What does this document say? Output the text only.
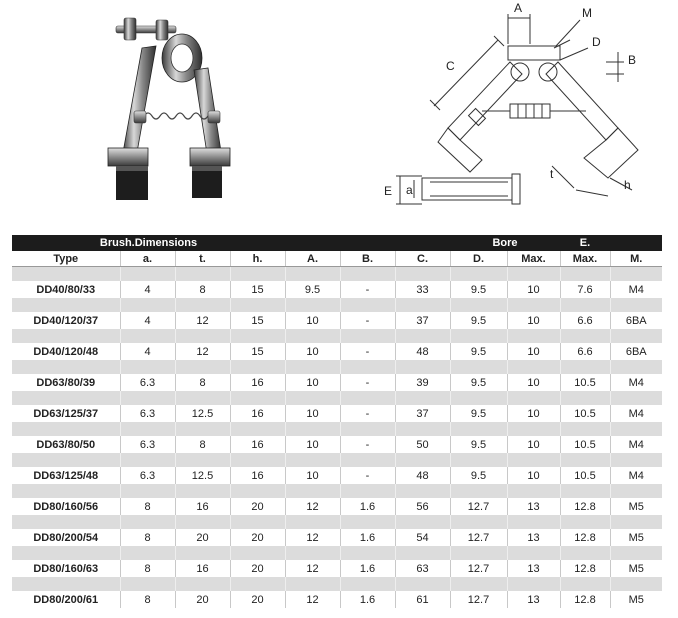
A	M
D
B
C
t
h
E a
Brush.Dimensions							Bore		E.	
Type	a.	t.	h.	A.	B.	C.	D.	Max.	Max.	M.

DD40/80/33	4	8	15	9.5	-	33	9.5	10	7.6	M4

DD40/120/37	4	12	15	10	-	37	9.5	10	6.6	6BA

DD40/120/48	4	12	15	10	-	48	9.5	10	6.6	6BA

DD63/80/39	6.3	8	16	10	-	39	9.5	10	10.5	M4

DD63/125/37	6.3	12.5	16	10	-	37	9.5	10	10.5	M4

DD63/80/50	6.3	8	16	10	-	50	9.5	10	10.5	M4

DD63/125/48	6.3	12.5	16	10	-	48	9.5	10	10.5	M4

DD80/160/56	8	16	20	12	1.6	56	12.7	13	12.8	M5

DD80/200/54	8	20	20	12	1.6	54	12.7	13	12.8	M5

DD80/160/63	8	16	20	12	1.6	63	12.7	13	12.8	M5

DD80/200/61	8	20	20	12	1.6	61	12.7	13	12.8	M5
